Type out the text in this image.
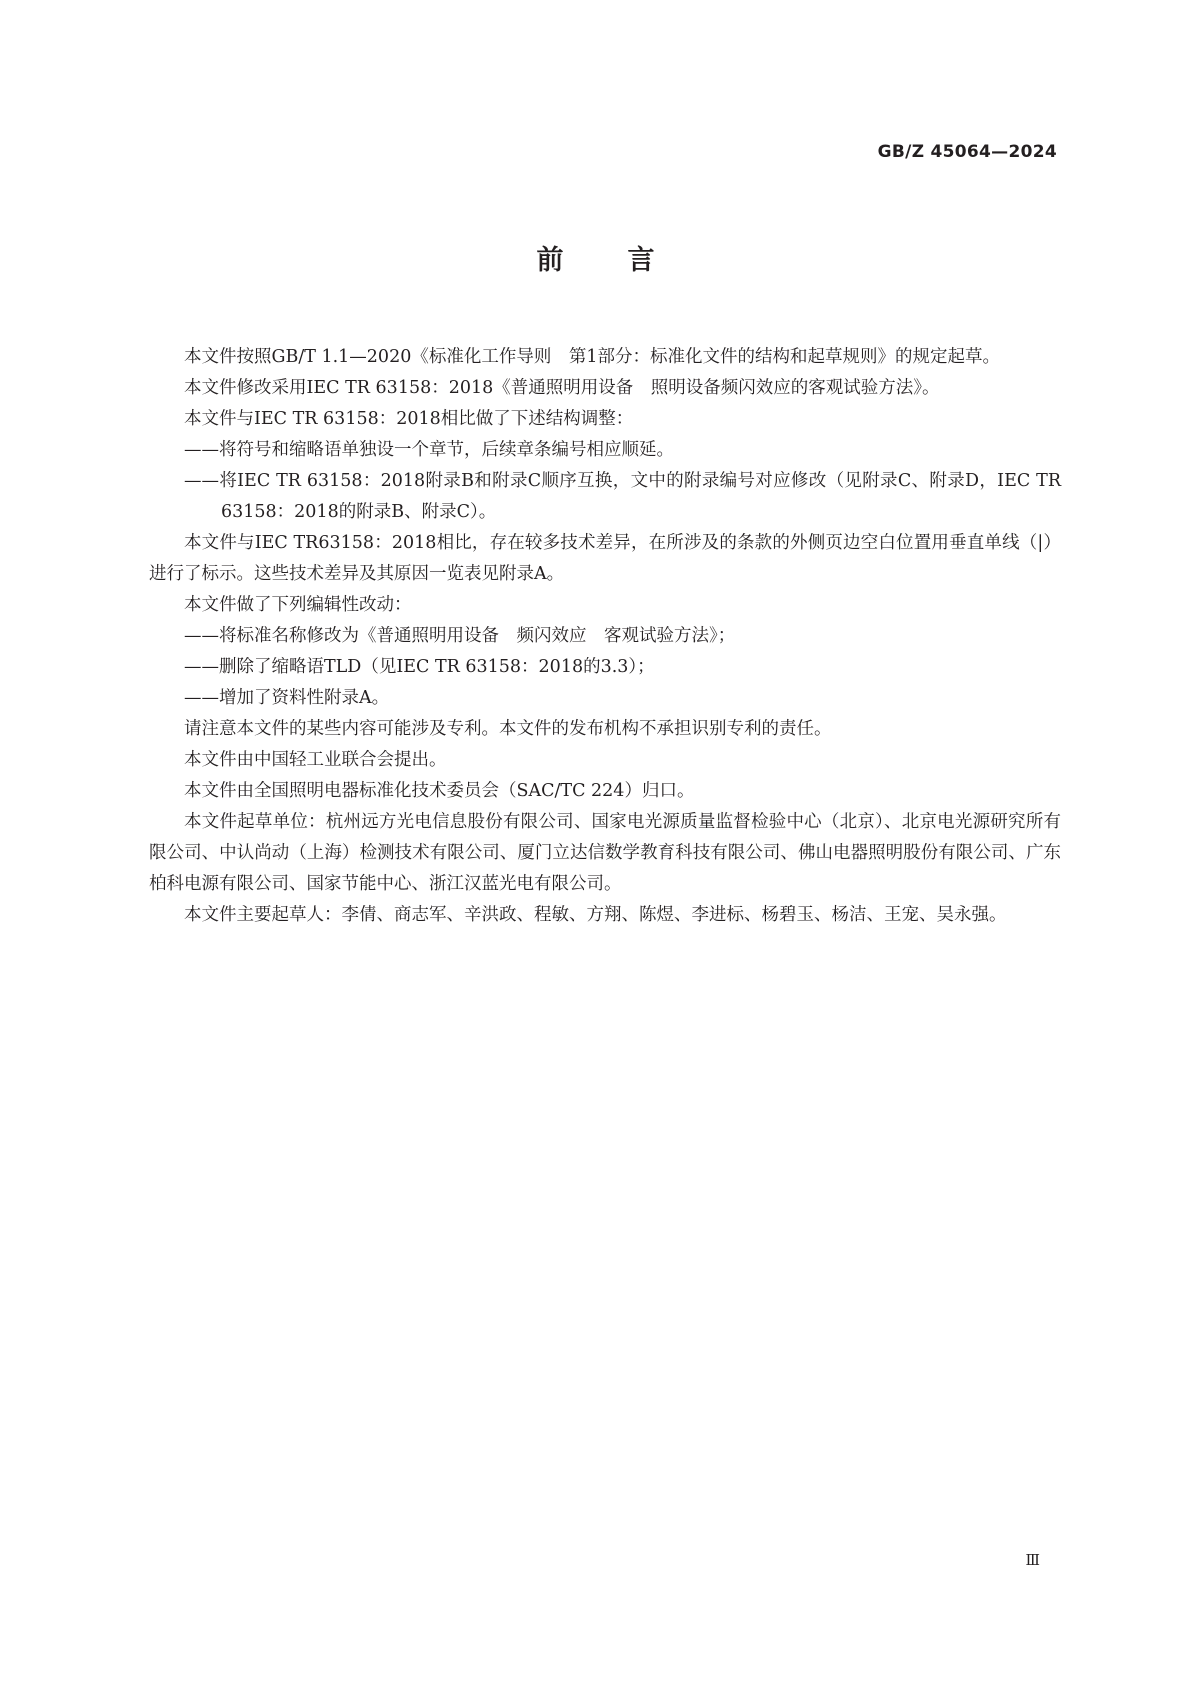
GB/Z 45064—2024
前言

本文件按照GB/T 1.1—2020《标准化工作导则　第1部分：标准化文件的结构和起草规则》的规定起草。

本文件修改采用IEC TR 63158：2018《普通照明用设备　照明设备频闪效应的客观试验方法》。

本文件与IEC TR 63158：2018相比做了下述结构调整：

——将符号和缩略语单独设一个章节，后续章条编号相应顺延。

——将IEC TR 63158：2018附录B和附录C顺序互换，文中的附录编号对应修改（见附录C、附录D，IEC TR 63158：2018的附录B、附录C）。

本文件与IEC TR63158：2018相比，存在较多技术差异，在所涉及的条款的外侧页边空白位置用垂直单线（|）进行了标示。这些技术差异及其原因一览表见附录A。

本文件做了下列编辑性改动：

——将标准名称修改为《普通照明用设备　频闪效应　客观试验方法》；

——删除了缩略语TLD（见IEC TR 63158：2018的3.3）；

——增加了资料性附录A。

请注意本文件的某些内容可能涉及专利。本文件的发布机构不承担识别专利的责任。

本文件由中国轻工业联合会提出。

本文件由全国照明电器标准化技术委员会（SAC/TC 224）归口。

本文件起草单位：杭州远方光电信息股份有限公司、国家电光源质量监督检验中心（北京）、北京电光源研究所有限公司、中认尚动（上海）检测技术有限公司、厦门立达信数学教育科技有限公司、佛山电器照明股份有限公司、广东柏科电源有限公司、国家节能中心、浙江汉蓝光电有限公司。

本文件主要起草人：李倩、商志军、辛洪政、程敏、方翔、陈煜、李进标、杨碧玉、杨洁、王宠、吴永强。

Ⅲ
